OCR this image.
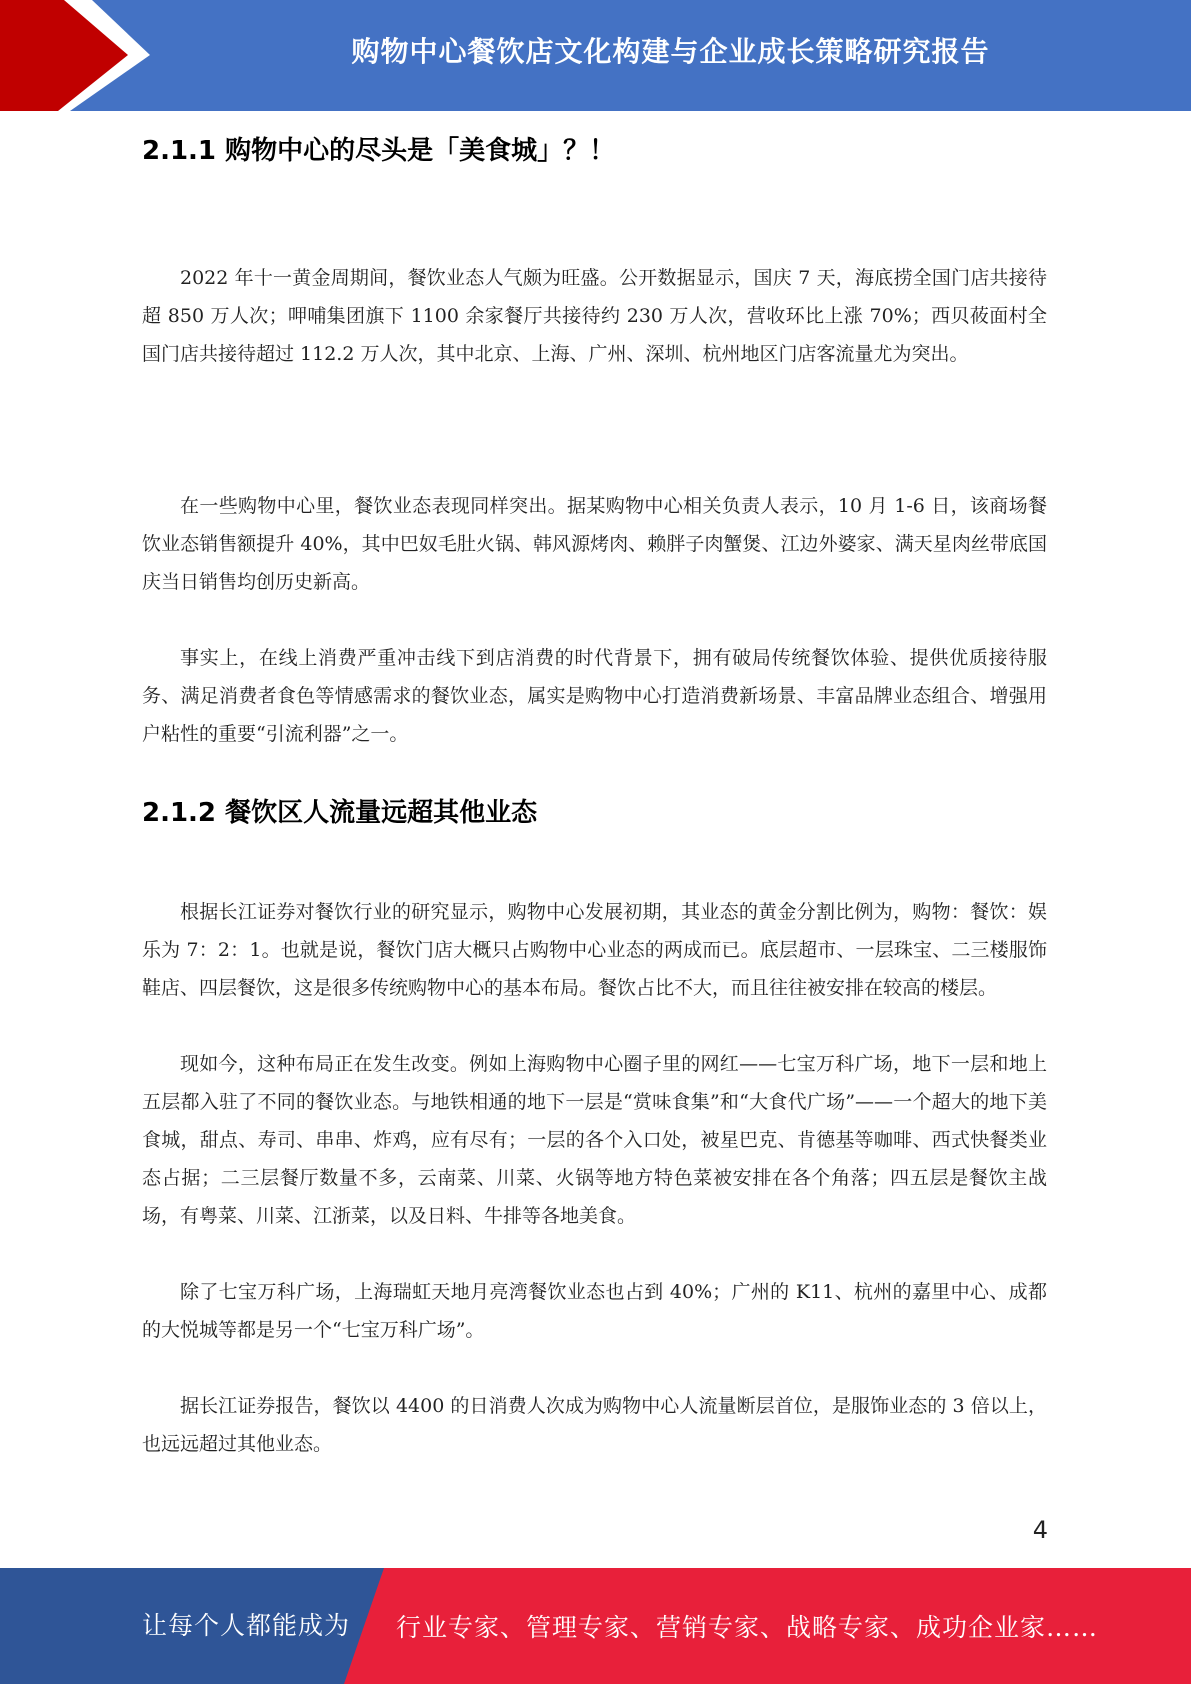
购物中心餐饮店文化构建与企业成长策略研究报告
2.1.1 购物中心的尽头是「美食城」？！

2022 年十一黄金周期间，餐饮业态人气颇为旺盛。公开数据显示，国庆 7 天，海底捞全国门店共接待超 850 万人次；呷哺集团旗下 1100 余家餐厅共接待约 230 万人次，营收环比上涨 70%；西贝莜面村全国门店共接待超过 112.2 万人次，其中北京、上海、广州、深圳、杭州地区门店客流量尤为突出。

在一些购物中心里，餐饮业态表现同样突出。据某购物中心相关负责人表示，10 月 1-6 日，该商场餐饮业态销售额提升 40%，其中巴奴毛肚火锅、韩风源烤肉、赖胖子肉蟹煲、江边外婆家、满天星肉丝带底国庆当日销售均创历史新高。

事实上，在线上消费严重冲击线下到店消费的时代背景下，拥有破局传统餐饮体验、提供优质接待服务、满足消费者食色等情感需求的餐饮业态，属实是购物中心打造消费新场景、丰富品牌业态组合、增强用户粘性的重要“引流利器”之一。

2.1.2 餐饮区人流量远超其他业态

根据长江证券对餐饮行业的研究显示，购物中心发展初期，其业态的黄金分割比例为，购物：餐饮：娱乐为 7：2：1。也就是说，餐饮门店大概只占购物中心业态的两成而已。底层超市、一层珠宝、二三楼服饰鞋店、四层餐饮，这是很多传统购物中心的基本布局。餐饮占比不大，而且往往被安排在较高的楼层。

现如今，这种布局正在发生改变。例如上海购物中心圈子里的网红——七宝万科广场，地下一层和地上五层都入驻了不同的餐饮业态。与地铁相通的地下一层是“赏味食集”和“大食代广场”——一个超大的地下美食城，甜点、寿司、串串、炸鸡，应有尽有；一层的各个入口处，被星巴克、肯德基等咖啡、西式快餐类业态占据；二三层餐厅数量不多，云南菜、川菜、火锅等地方特色菜被安排在各个角落；四五层是餐饮主战场，有粤菜、川菜、江浙菜，以及日料、牛排等各地美食。

除了七宝万科广场，上海瑞虹天地月亮湾餐饮业态也占到 40%；广州的 K11、杭州的嘉里中心、成都的大悦城等都是另一个“七宝万科广场”。

据长江证券报告，餐饮以 4400 的日消费人次成为购物中心人流量断层首位，是服饰业态的 3 倍以上，也远远超过其他业态。

4
让每个人都能成为 行业专家、管理专家、营销专家、战略专家、成功企业家……
